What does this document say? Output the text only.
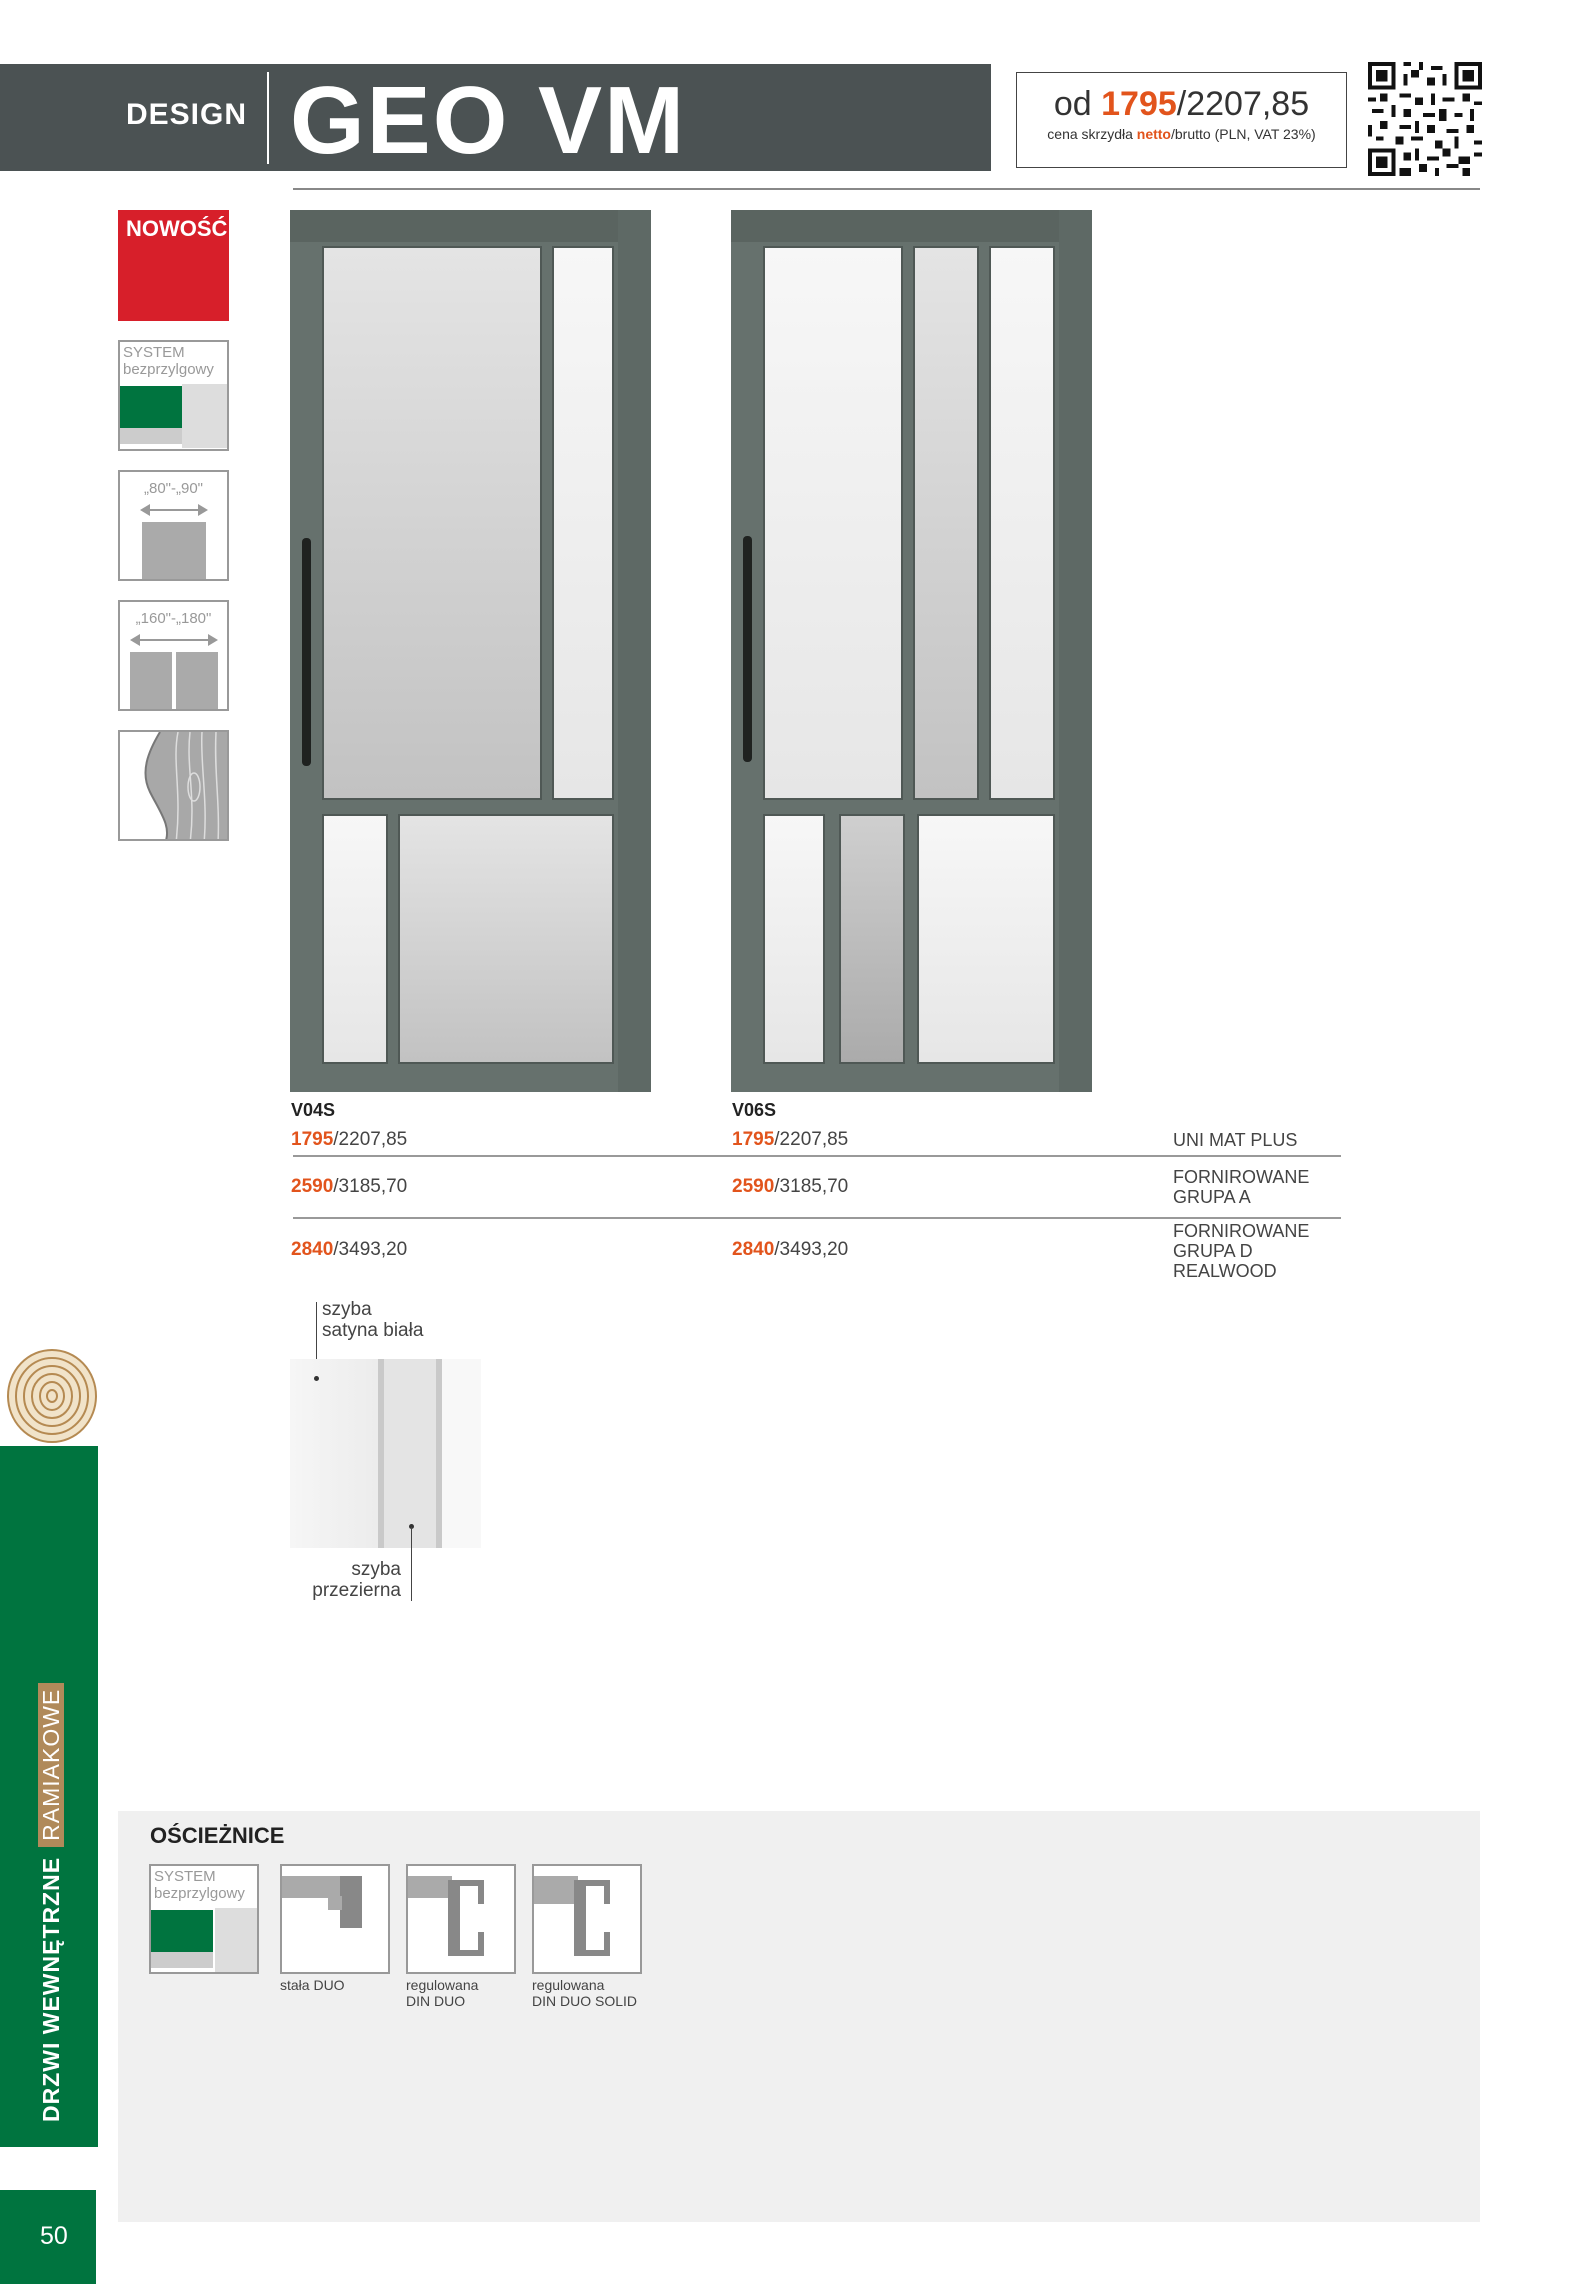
DESIGN GEO VM	od 1795/2207,85
cena skrzydła netto/brutto (PLN, VAT 23%)
NOWOŚĆ
SYSTEM
bezprzylgowy
„80"-„90"
„160"-„180"
V04S	V06S
1795/2207,85	1795/2207,85	UNI MAT PLUS
2590/3185,70	2590/3185,70	FORNIROWANE
GRUPA A
2840/3493,20	2840/3493,20
FORNIROWANE
GRUPA D
REALWOOD
szyba
satyna biała
szyba
przezierna
DRZWI WEWNĘTRZNERAMIAKOWE
50
OŚCIEŻNICE
SYSTEM
bezprzylgowy
stała DUO	regulowana
DIN DUO
regulowana
DIN DUO SOLID
